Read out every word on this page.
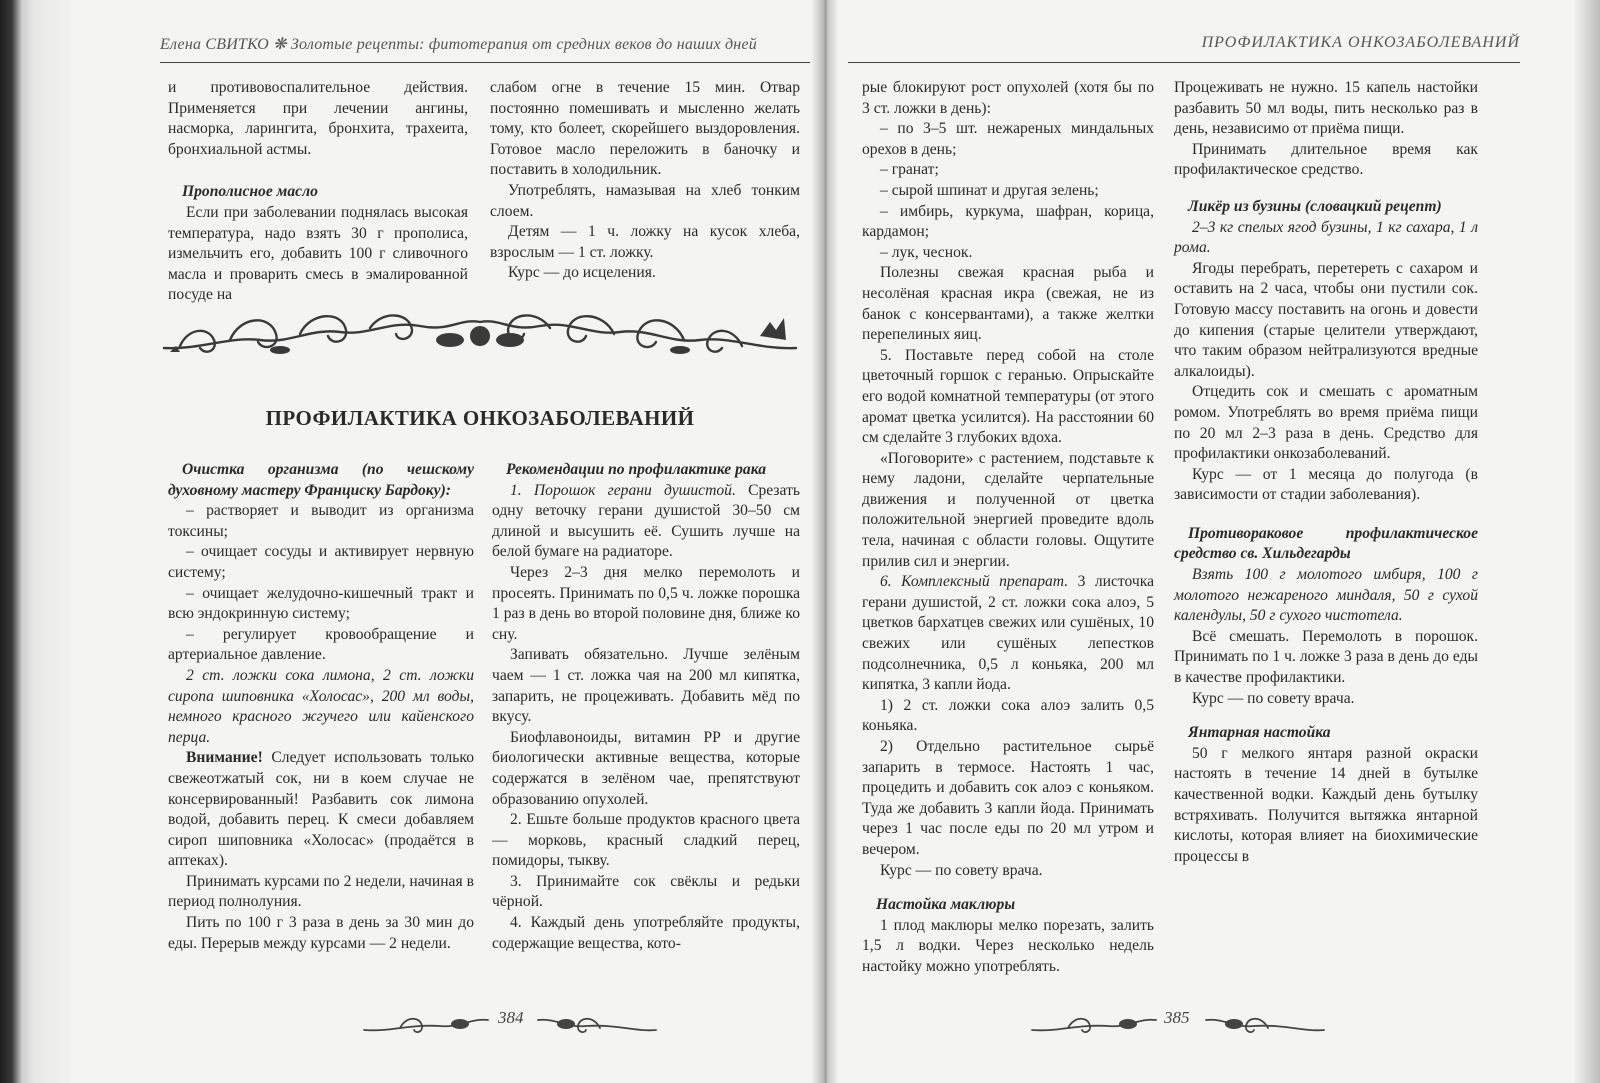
Елена СВИТКО ❋ Золотые рецепты: фитотерапия от средних веков до наших дней

и противовоспалительное действия. Применяется при лечении ангины, насморка, ларингита, бронхита, трахеита, бронхиальной астмы.

Прополисное масло

Если при заболевании поднялась высокая температура, надо взять 30 г прополиса, измельчить его, добавить 100 г сливочного масла и проварить смесь в эмалированной посуде на

слабом огне в течение 15 мин. Отвар постоянно помешивать и мысленно желать тому, кто болеет, скорейшего выздоровления. Готовое масло переложить в баночку и поставить в холодильник.

Употреблять, намазывая на хлеб тонким слоем.

Детям — 1 ч. ложку на кусок хлеба, взрослым — 1 ст. ложку.

Курс — до исцеления.

ПРОФИЛАКТИКА ОНКОЗАБОЛЕВАНИЙ

Очистка организма (по чешскому духовному мастеру Франциску Бардоку):

– растворяет и выводит из организма токсины;

– очищает сосуды и активирует нервную систему;

– очищает желудочно-кишечный тракт и всю эндокринную систему;

– регулирует кровообращение и артериальное давление.

2 ст. ложки сока лимона, 2 ст. ложки сиропа шиповника «Холосас», 200 мл воды, немного красного жгучего или кайенского перца.

Внимание! Следует использовать только свежеотжатый сок, ни в коем случае не консервированный! Разбавить сок лимона водой, добавить перец. К смеси добавляем сироп шиповника «Холосас» (продаётся в аптеках).

Принимать курсами по 2 недели, начиная в период полнолуния.

Пить по 100 г 3 раза в день за 30 мин до еды. Перерыв между курсами — 2 недели.

Рекомендации по профилактике рака

1. Порошок герани душистой. Срезать одну веточку герани душистой 30–50 см длиной и высушить её. Сушить лучше на белой бумаге на радиаторе.

Через 2–3 дня мелко перемолоть и просеять. Принимать по 0,5 ч. ложке порошка 1 раз в день во второй половине дня, ближе ко сну.

Запивать обязательно. Лучше зелёным чаем — 1 ст. ложка чая на 200 мл кипятка, запарить, не процеживать. Добавить мёд по вкусу.

Биофлавоноиды, витамин РР и другие биологически активные вещества, которые содержатся в зелёном чае, препятствуют образованию опухолей.

2. Ешьте больше продуктов красного цвета — морковь, красный сладкий перец, помидоры, тыкву.

3. Принимайте сок свёклы и редьки чёрной.

4. Каждый день употребляйте продукты, содержащие вещества, кото-

384
ПРОФИЛАКТИКА ОНКОЗАБОЛЕВАНИЙ

рые блокируют рост опухолей (хотя бы по 3 ст. ложки в день):

– по 3–5 шт. нежареных миндальных орехов в день;

– гранат;

– сырой шпинат и другая зелень;

– имбирь, куркума, шафран, корица, кардамон;

– лук, чеснок.

Полезны свежая красная рыба и несолёная красная икра (свежая, не из банок с консервантами), а также желтки перепелиных яиц.

5. Поставьте перед собой на столе цветочный горшок с геранью. Опрыскайте его водой комнатной температуры (от этого аромат цветка усилится). На расстоянии 60 см сделайте 3 глубоких вдоха.

«Поговорите» с растением, подставьте к нему ладони, сделайте черпательные движения и полученной от цветка положительной энергией проведите вдоль тела, начиная с области головы. Ощутите прилив сил и энергии.

6. Комплексный препарат. 3 листочка герани душистой, 2 ст. ложки сока алоэ, 5 цветков бархатцев свежих или сушёных, 10 свежих или сушёных лепестков подсолнечника, 0,5 л коньяка, 200 мл кипятка, 3 капли йода.

1) 2 ст. ложки сока алоэ залить 0,5 коньяка.

2) Отдельно растительное сырьё запарить в термосе. Настоять 1 час, процедить и добавить сок алоэ с коньяком. Туда же добавить 3 капли йода. Принимать через 1 час после еды по 20 мл утром и вечером.

Курс — по совету врача.

Настойка маклюры

1 плод маклюры мелко порезать, залить 1,5 л водки. Через несколько недель настойку можно употреблять.

Процеживать не нужно. 15 капель настойки разбавить 50 мл воды, пить несколько раз в день, независимо от приёма пищи.

Принимать длительное время как профилактическое средство.

Ликёр из бузины (словацкий рецепт)

2–3 кг спелых ягод бузины, 1 кг сахара, 1 л рома.

Ягоды перебрать, перетереть с сахаром и оставить на 2 часа, чтобы они пустили сок. Готовую массу поставить на огонь и довести до кипения (старые целители утверждают, что таким образом нейтрализуются вредные алкалоиды).

Отцедить сок и смешать с ароматным ромом. Употреблять во время приёма пищи по 20 мл 2–3 раза в день. Средство для профилактики онкозаболеваний.

Курс — от 1 месяца до полугода (в зависимости от стадии заболевания).

Противораковое профилактическое средство св. Хильдегарды

Взять 100 г молотого имбиря, 100 г молотого нежареного миндаля, 50 г сухой календулы, 50 г сухого чистотела.

Всё смешать. Перемолоть в порошок. Принимать по 1 ч. ложке 3 раза в день до еды в качестве профилактики.

Курс — по совету врача.

Янтарная настойка

50 г мелкого янтаря разной окраски настоять в течение 14 дней в бутылке качественной водки. Каждый день бутылку встряхивать. Получится вытяжка янтарной кислоты, которая влияет на биохимические процессы в

385
